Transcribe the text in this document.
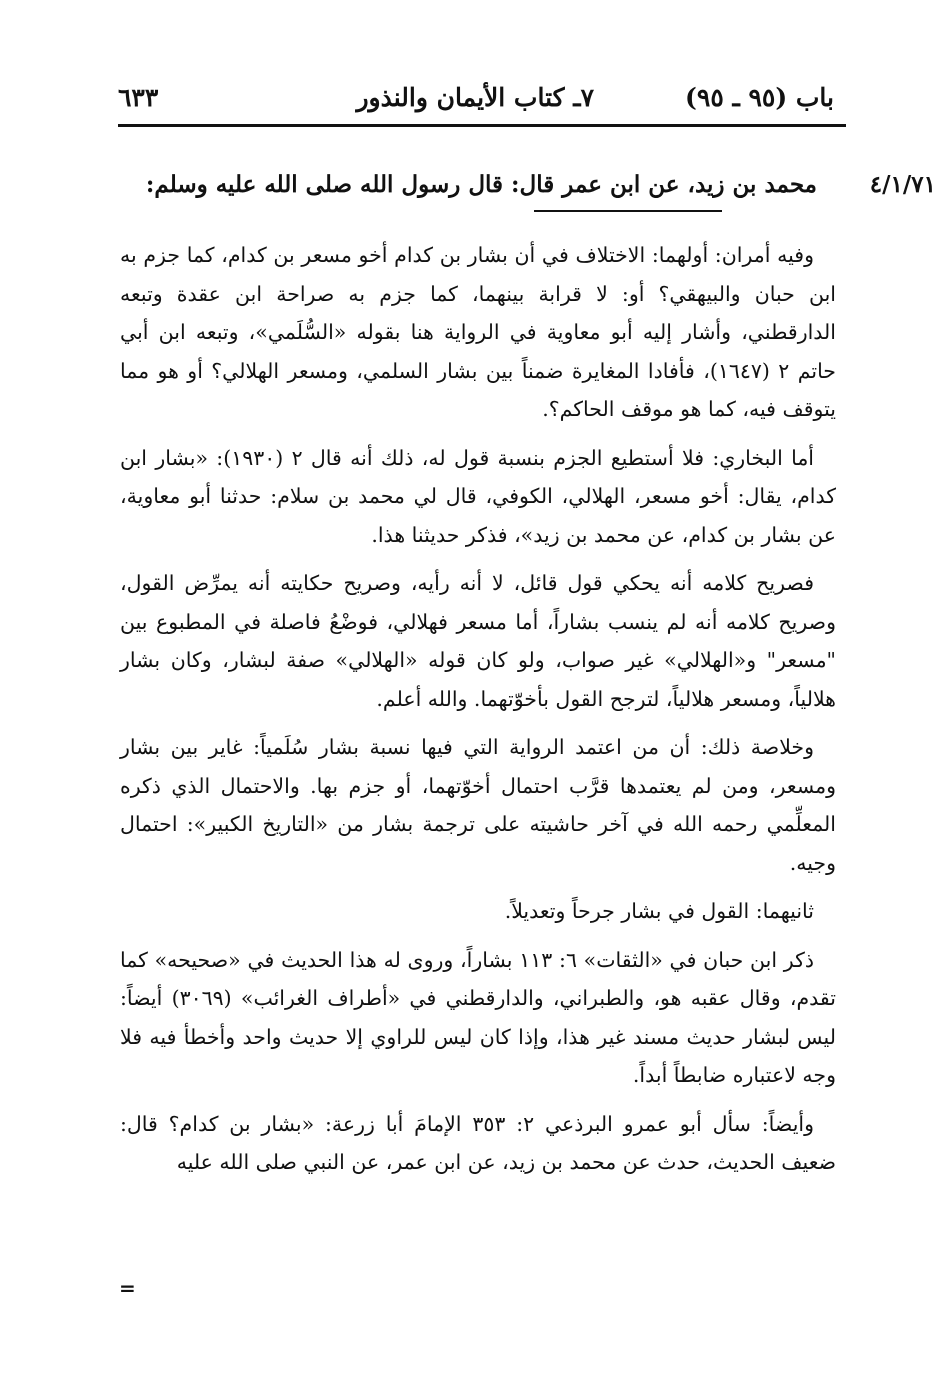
باب (٩٥ ـ ٩٥)
٧ـ كتاب الأيمان والنذور
٦٣٣
٤/١/٧١
محمد بن زيد، عن ابن عمر قال: قال رسول الله صلى الله عليه وسلم:

وفيه أمران: أولهما: الاختلاف في أن بشار بن كدام أخو مسعر بن كدام، كما جزم به ابن حبان والبيهقي؟ أو: لا قرابة بينهما، كما جزم به صراحة ابن عقدة وتبعه الدارقطني، وأشار إليه أبو معاوية في الرواية هنا بقوله «السُّلَمي»، وتبعه ابن أبي حاتم ٢ (١٦٤٧)، فأفادا المغايرة ضمناً بين بشار السلمي، ومسعر الهلالي؟ أو هو مما يتوقف فيه، كما هو موقف الحاكم؟.

أما البخاري: فلا أستطيع الجزم بنسبة قول له، ذلك أنه قال ٢ (١٩٣٠): «بشار ابن كدام، يقال: أخو مسعر، الهلالي، الكوفي، قال لي محمد بن سلام: حدثنا أبو معاوية، عن بشار بن كدام، عن محمد بن زيد»، فذكر حديثنا هذا.

فصريح كلامه أنه يحكي قول قائل، لا أنه رأيه، وصريح حكايته أنه يمرِّض القول، وصريح كلامه أنه لم ينسب بشاراً، أما مسعر فهلالي، فوضْعُ فاصلة في المطبوع بين "مسعر" و«الهلالي» غير صواب، ولو كان قوله «الهلالي» صفة لبشار، وكان بشار هلالياً، ومسعر هلالياً، لترجح القول بأخوّتهما. والله أعلم.

وخلاصة ذلك: أن من اعتمد الرواية التي فيها نسبة بشار سُلَمياً: غاير بين بشار ومسعر، ومن لم يعتمدها قرَّب احتمال أخوّتهما، أو جزم بها. والاحتمال الذي ذكره المعلِّمي رحمه الله في آخر حاشيته على ترجمة بشار من «التاريخ الكبير»: احتمال وجيه.

ثانيهما: القول في بشار جرحاً وتعديلاً.

ذكر ابن حبان في «الثقات» ٦: ١١٣ بشاراً، وروى له هذا الحديث في «صحيحه» كما تقدم، وقال عقبه هو، والطبراني، والدارقطني في «أطراف الغرائب» (٣٠٦٩) أيضاً: ليس لبشار حديث مسند غير هذا، وإذا كان ليس للراوي إلا حديث واحد وأخطأ فيه فلا وجه لاعتباره ضابطاً أبداً.

وأيضاً: سأل أبو عمرو البرذعي ٢: ٣٥٣ الإمامَ أبا زرعة: «بشار بن كدام؟ قال: ضعيف الحديث، حدث عن محمد بن زيد، عن ابن عمر، عن النبي صلى الله عليه

=
